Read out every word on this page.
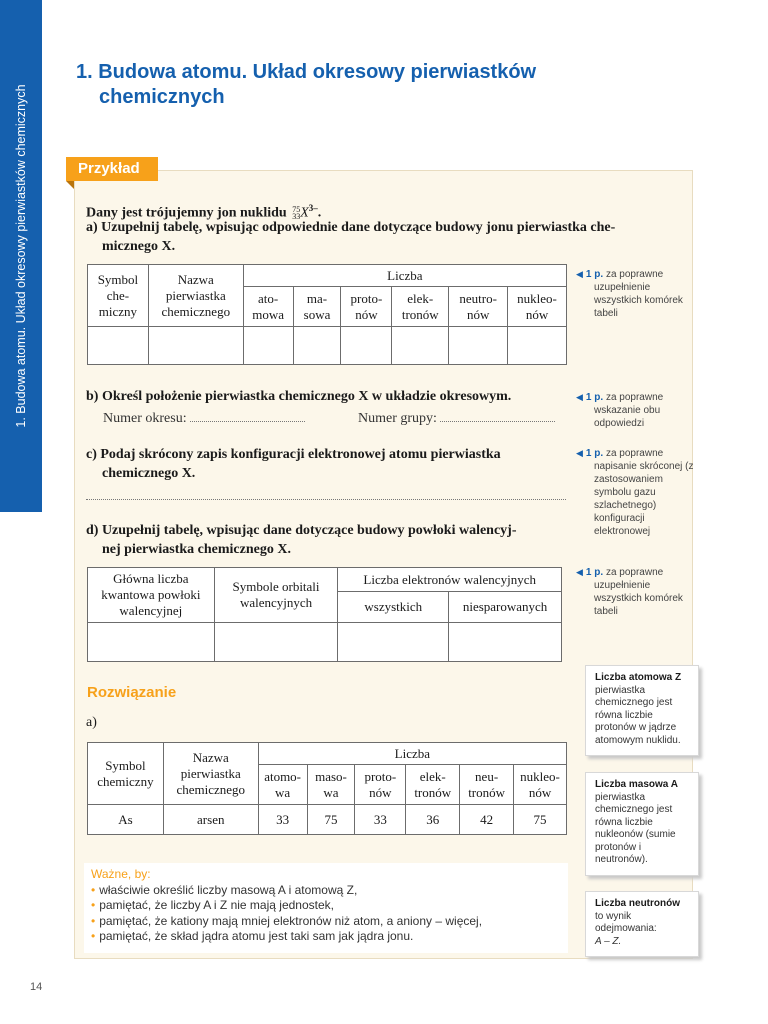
1. Budowa atomu. Układ okresowy pierwiastków chemicznych
1. Budowa atomu. Układ okresowy pierwiastków
chemicznych
Przykład
Dany jest trójujemny jon nuklidu 75
$33X^{3-}$.
a) Uzupełnij tabelę, wpisując odpowiednie dane dotyczące budowy jonu pierwiastka che-
micznego X.
Symbol che- miczny	Nazwa pierwiastka chemicznego	Liczba					
		ato- mowa	ma- sowa	proto- nów	elek- tronów	neutro- nów	nukleo- nów

b) Określ położenie pierwiastka chemicznego X w układzie okresowym.
Numer okresu:	Numer grupy:
c) Podaj skrócony zapis konfiguracji elektronowej atomu pierwiastka
chemicznego X.
d) Uzupełnij tabelę, wpisując dane dotyczące budowy powłoki walencyj-
nej pierwiastka chemicznego X.
Główna liczba kwantowa powłoki walencyjnej	Symbole orbitali walencyjnych	Liczba elektronów walencyjnych	
		wszystkich	niesparowanych

◀ 1 p. za poprawne uzupełnienie wszystkich komórek tabeli
◀ 1 p. za poprawne wskazanie obu odpowiedzi
◀ 1 p. za poprawne napisanie skróconej (z zastosowaniem symbolu gazu szlachetnego) konfiguracji elektronowej
◀ 1 p. za poprawne uzupełnienie wszystkich komórek tabeli
Liczba atomowa Z
pierwiastka chemicznego jest równa liczbie protonów w jądrze atomowym nuklidu.
Liczba masowa A
pierwiastka chemicznego jest równa liczbie nukleonów (sumie protonów i neutronów).
Liczba neutronów
to wynik odejmowania:
A – Z.
Rozwiązanie
a)
Symbol chemiczny	Nazwa pierwiastka chemicznego	Liczba					
		atomo- wa	maso- wa	proto- nów	elek- tronów	neu- tronów	nukleo- nów
As	arsen	33	75	33	36	42	75
Ważne, by:
• właściwie określić liczby masową A i atomową Z,
• pamiętać, że liczby A i Z nie mają jednostek,
• pamiętać, że kationy mają mniej elektronów niż atom, a aniony – więcej,
• pamiętać, że skład jądra atomu jest taki sam jak jądra jonu.
14
